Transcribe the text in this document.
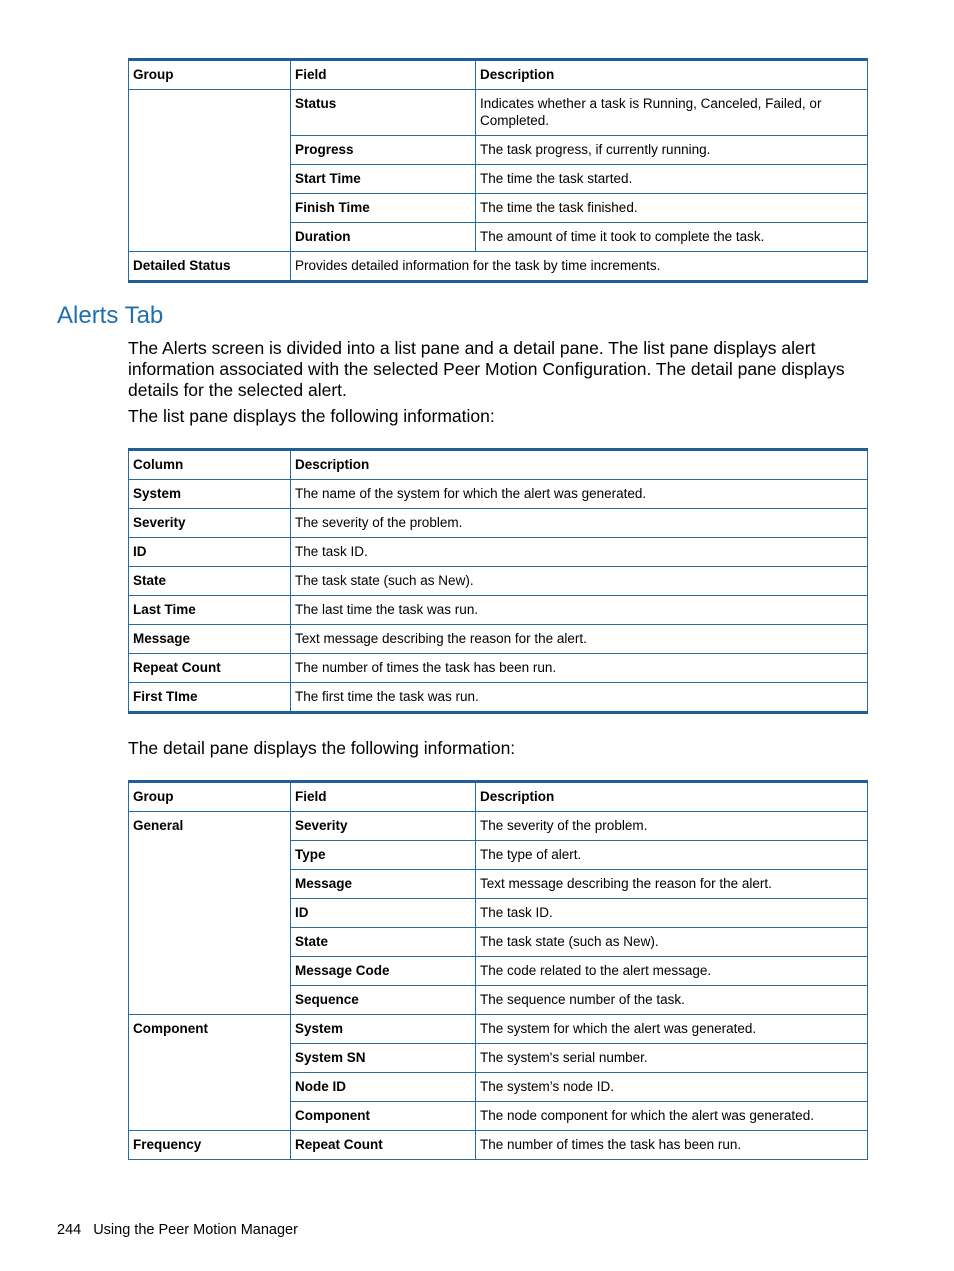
Group	Field	Description
	Status	Indicates whether a task is Running, Canceled, Failed, or Completed.
	Progress	The task progress, if currently running.
	Start Time	The time the task started.
	Finish Time	The time the task finished.
	Duration	The amount of time it took to complete the task.
Detailed Status	Provides detailed information for the task by time increments.	
Alerts Tab
The Alerts screen is divided into a list pane and a detail pane. The list pane displays alert information associated with the selected Peer Motion Configuration. The detail pane displays details for the selected alert.
The list pane displays the following information:
Column	Description
System	The name of the system for which the alert was generated.
Severity	The severity of the problem.
ID	The task ID.
State	The task state (such as New).
Last Time	The last time the task was run.
Message	Text message describing the reason for the alert.
Repeat Count	The number of times the task has been run.
First TIme	The first time the task was run.
The detail pane displays the following information:
Group	Field	Description
General	Severity	The severity of the problem.
	Type	The type of alert.
	Message	Text message describing the reason for the alert.
	ID	The task ID.
	State	The task state (such as New).
	Message Code	The code related to the alert message.
	Sequence	The sequence number of the task.
Component	System	The system for which the alert was generated.
	System SN	The system's serial number.
	Node ID	The system’s node ID.
	Component	The node component for which the alert was generated.
Frequency	Repeat Count	The number of times the task has been run.
244 Using the Peer Motion Manager
